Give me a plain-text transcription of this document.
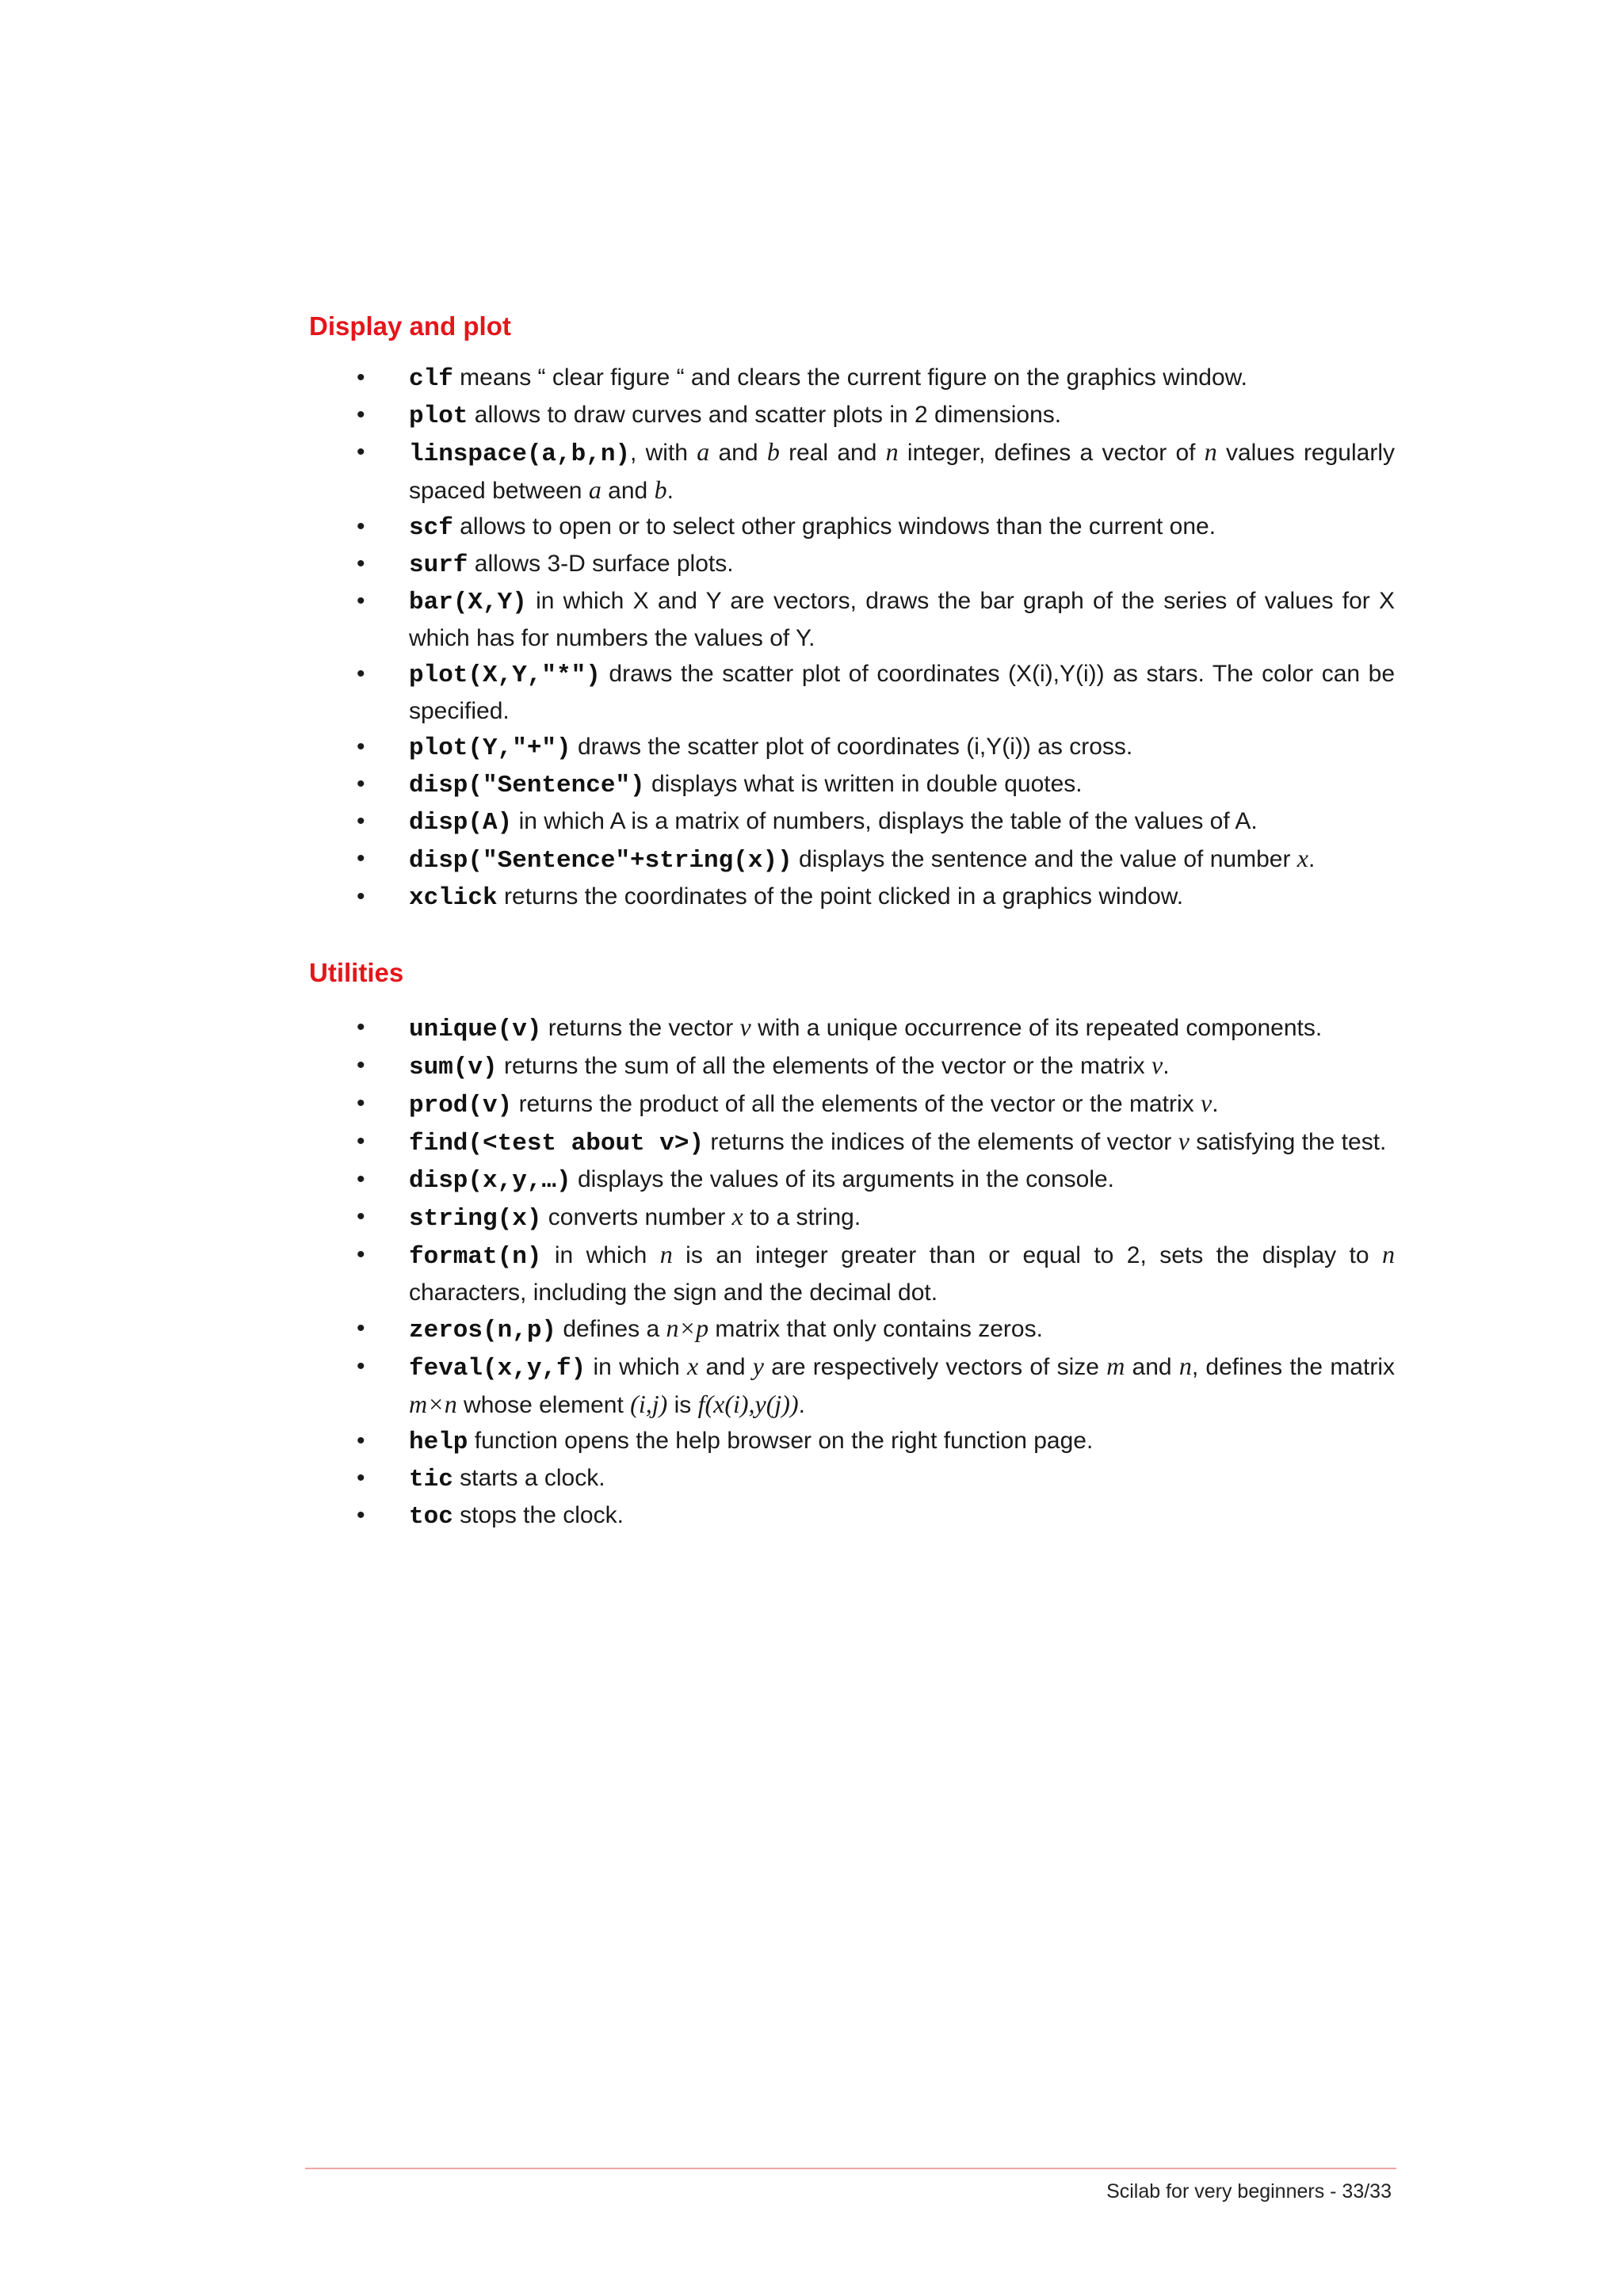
Display and plot
• clf means “ clear figure “ and clears the current figure on the graphics window.
• plot allows to draw curves and scatter plots in 2 dimensions.
• linspace(a,b,n), with a and b real and n integer, defines a vector of n values regularly spaced between a and b.
• scf allows to open or to select other graphics windows than the current one.
• surf allows 3-D surface plots.
• bar(X,Y) in which X and Y are vectors, draws the bar graph of the series of values for X which has for numbers the values of Y.
• plot(X,Y,"*") draws the scatter plot of coordinates (X(i),Y(i)) as stars. The color can be specified.
• plot(Y,"+") draws the scatter plot of coordinates (i,Y(i)) as cross.
• disp("Sentence") displays what is written in double quotes.
• disp(A) in which A is a matrix of numbers, displays the table of the values of A.
• disp("Sentence"+string(x)) displays the sentence and the value of number x.
• xclick returns the coordinates of the point clicked in a graphics window.
Utilities
• unique(v) returns the vector v with a unique occurrence of its repeated components.
• sum(v) returns the sum of all the elements of the vector or the matrix v.
• prod(v) returns the product of all the elements of the vector or the matrix v.
• find(<test about v>) returns the indices of the elements of vector v satisfying the test.
• disp(x,y,…) displays the values of its arguments in the console.
• string(x) converts number x to a string.
• format(n) in which n is an integer greater than or equal to 2, sets the display to n characters, including the sign and the decimal dot.
• zeros(n,p) defines a n×p matrix that only contains zeros.
• feval(x,y,f) in which x and y are respectively vectors of size m and n, defines the matrix m×n whose element (i,j) is f(x(i),y(j)).
• help function opens the help browser on the right function page.
• tic starts a clock.
• toc stops the clock.
Scilab for very beginners - 33/33
